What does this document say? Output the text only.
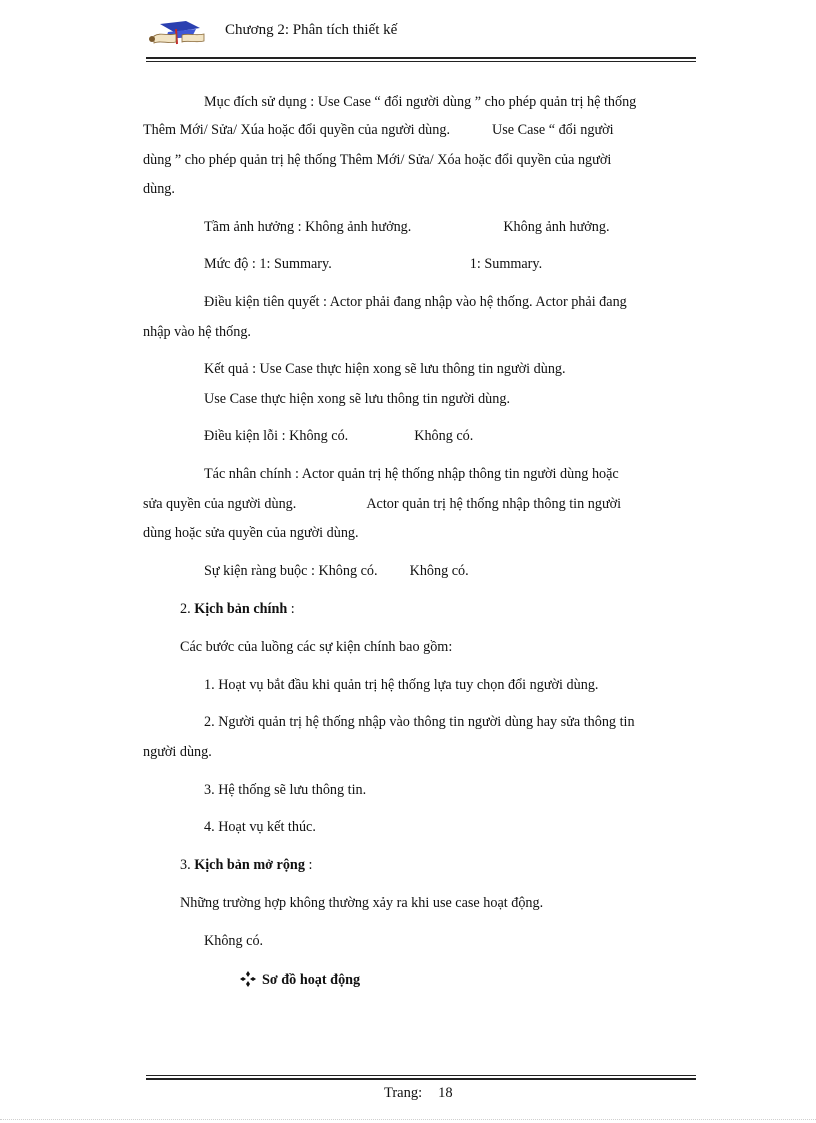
Chương 2: Phân tích thiết kế
Mục đích sử dụng : Use Case “ đổi người dùng ” cho phép quản trị hệ thống
Thêm Mới/ Sửa/ Xúa hoặc đổi quyền của người dùng.	Use Case “ đổi người
dùng ” cho phép quản trị hệ thống Thêm Mới/ Sửa/ Xóa hoặc đổi quyền của người
dùng.
Tầm ảnh hưởng : Không ảnh hưởng.	Không ảnh hưởng.
Mức độ : 1: Summary.	1: Summary.
Điều kiện tiên quyết : Actor phải đang nhập vào hệ thống. Actor phải đang
nhập vào hệ thống.
Kết quả : Use Case thực hiện xong sẽ lưu thông tin người dùng.
Use Case thực hiện xong sẽ lưu thông tin người dùng.
Điều kiện lỗi : Không có.	Không có.
Tác nhân chính : Actor quản trị hệ thống nhập thông tin người dùng hoặc
sửa quyền của người dùng.	Actor quản trị hệ thống nhập thông tin người
dùng hoặc sửa quyền của người dùng.
Sự kiện ràng buộc : Không có. Không có.
2. Kịch bản chính :
Các bước của luồng các sự kiện chính bao gồm:
1. Hoạt vụ bắt đầu khi quản trị hệ thống lựa tuy chọn đổi người dùng.
2. Người quản trị hệ thống nhập vào thông tin người dùng hay sửa thông tin
người dùng.
3. Hệ thống sẽ lưu thông tin.
4. Hoạt vụ kết thúc.
3. Kịch bản mở rộng :
Những trường hợp không thường xảy ra khi use case hoạt động.
Không có.
Sơ đồ hoạt động
Trang: 18
